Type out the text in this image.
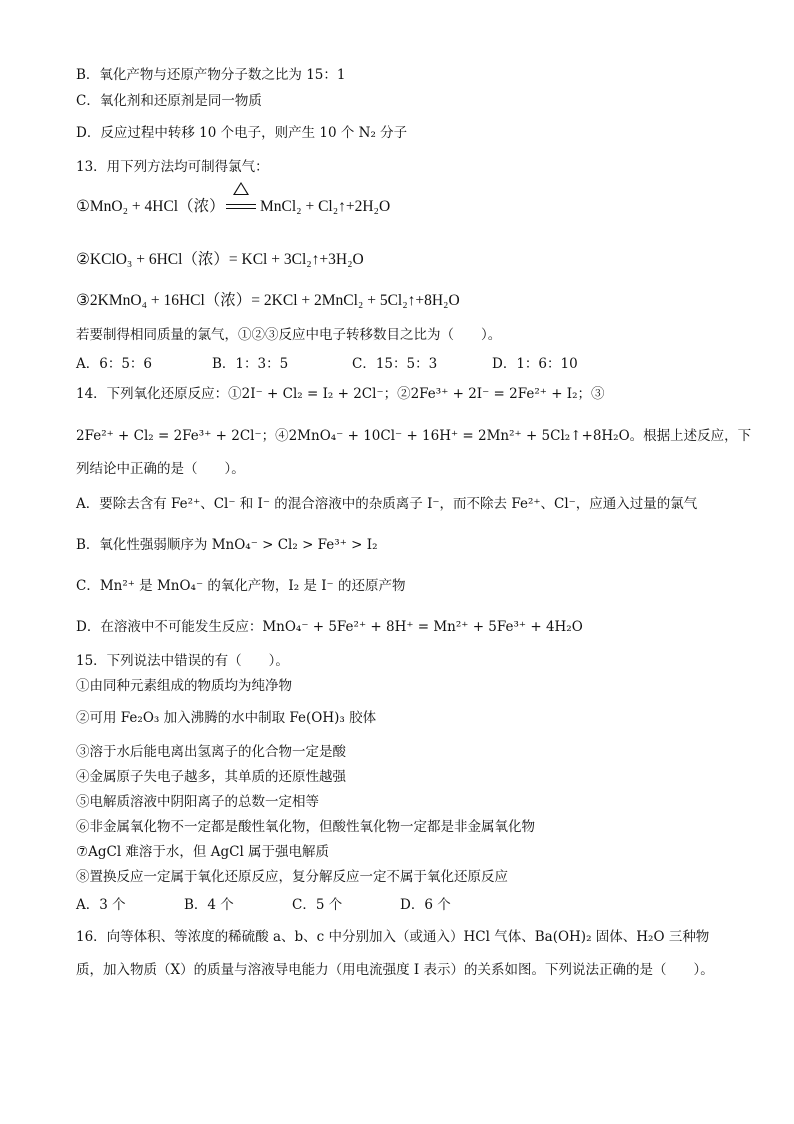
B．氧化产物与还原产物分子数之比为 15：1
C．氧化剂和还原剂是同一物质
D．反应过程中转移 10 个电子，则产生 10 个 N₂ 分子
13．用下列方法均可制得氯气：
①MnO₂ + 4HCl（浓） MnCl₂ + Cl₂↑+2H₂O
②KClO₃ + 6HCl（浓）= KCl + 3Cl₂↑+3H₂O
③2KMnO₄ + 16HCl（浓）= 2KCl + 2MnCl₂ + 5Cl₂↑+8H₂O
若要制得相同质量的氯气，①②③反应中电子转移数目之比为（　　）。
A．6：5：6	B．1：3：5	C．15：5：3	D．1：6：10
14．下列氧化还原反应：①2I⁻ + Cl₂ = I₂ + 2Cl⁻；②2Fe³⁺ + 2I⁻ = 2Fe²⁺ + I₂；③
2Fe²⁺ + Cl₂ = 2Fe³⁺ + 2Cl⁻；④2MnO₄⁻ + 10Cl⁻ + 16H⁺ = 2Mn²⁺ + 5Cl₂↑+8H₂O。根据上述反应，下
列结论中正确的是（　　）。
A．要除去含有 Fe²⁺、Cl⁻ 和 I⁻ 的混合溶液中的杂质离子 I⁻，而不除去 Fe²⁺、Cl⁻，应通入过量的氯气
B．氧化性强弱顺序为 MnO₄⁻ > Cl₂ > Fe³⁺ > I₂
C．Mn²⁺ 是 MnO₄⁻ 的氧化产物，I₂ 是 I⁻ 的还原产物
D．在溶液中不可能发生反应：MnO₄⁻ + 5Fe²⁺ + 8H⁺ = Mn²⁺ + 5Fe³⁺ + 4H₂O
15．下列说法中错误的有（　　）。
①由同种元素组成的物质均为纯净物
②可用 Fe₂O₃ 加入沸腾的水中制取 Fe(OH)₃ 胶体
③溶于水后能电离出氢离子的化合物一定是酸
④金属原子失电子越多，其单质的还原性越强
⑤电解质溶液中阴阳离子的总数一定相等
⑥非金属氧化物不一定都是酸性氧化物，但酸性氧化物一定都是非金属氧化物
⑦AgCl 难溶于水，但 AgCl 属于强电解质
⑧置换反应一定属于氧化还原反应，复分解反应一定不属于氧化还原反应
A．3 个	B．4 个	C．5 个	D．6 个
16．向等体积、等浓度的稀硫酸 a、b、c 中分别加入（或通入）HCl 气体、Ba(OH)₂ 固体、H₂O 三种物
质，加入物质（X）的质量与溶液导电能力（用电流强度 I 表示）的关系如图。下列说法正确的是（　　）。
